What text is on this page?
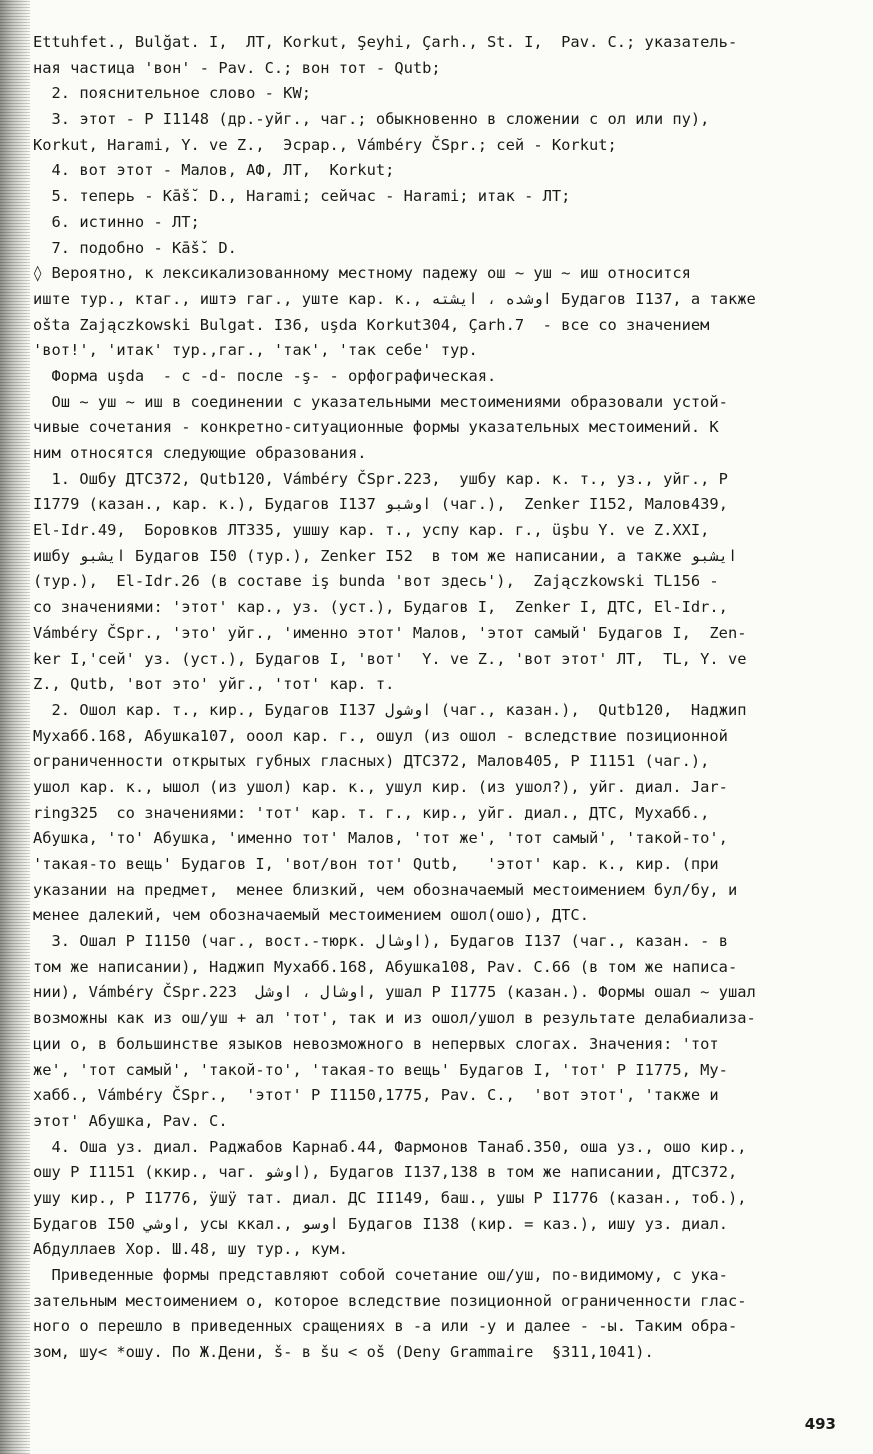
Ettuhfet., Bulğat. I,  ЛТ, Korkut, Şeyhi, Çarh., St. I,  Pav. C.; указатель-
ная частица 'вон' - Pav. C.; вон тот - Qutb;
2. пояснительное слово - KW;
3. этот - Р I1148 (др.-уйг., чаг.; обыкновенно в сложении с ол или пу),
Korkut, Harami, Y. ve Z.,  Эсрар., Vámbéry ČSpr.; сей - Korkut;
4. вот этот - Малов, АФ, ЛТ,  Korkut;
5. теперь - Kāš̆. D., Harami; сейчас - Harami; итак - ЛТ;
6. истинно - ЛТ;
7. подобно - Kāš̆. D.
◊ Вероятно, к лексикализованному местному падежу ош ~ уш ~ иш относится
иште тур., ктаг., иштэ гаг., уште кар. к., اوشده ، ايشته Будагов I137, а также
ošta Zajączkowski Bulgat. I36, uşda Korkut304, Çarh.7  - все со значением
'вот!', 'итак' тур.,гаг., 'так', 'так себе' тур.
Форма uşda  - с -d- после -ş- - орфографическая.
Ош ~ уш ~ иш в соединении с указательными местоимениями образовали устой-
чивые сочетания - конкретно-ситуационные формы указательных местоимений. К
ним относятся следующие образования.
1. Ошбу ДТС372, Qutb120, Vámbéry ČSpr.223,  ушбу кар. к. т., уз., уйг., Р
I1779 (казан., кар. к.), Будагов I137 اوشبو (чаг.),  Zenker I152, Малов439,
El-Idr.49,  Боровков ЛТ335, ушшу кар. т., успу кар. г., üşbu Y. ve Z.XXI,
ишбу ايشبو Будагов I50 (тур.), Zenker I52  в том же написании, а также ايشبو
(тур.),  El-Idr.26 (в составе iş bunda 'вот здесь'),  Zajączkowski TL156 -
со значениями: 'этот' кар., уз. (уст.), Будагов I,  Zenker I, ДТС, El-Idr.,
Vámbéry ČSpr., 'это' уйг., 'именно этот' Малов, 'этот самый' Будагов I,  Zen-
ker I,'сей' уз. (уст.), Будагов I, 'вот'  Y. ve Z., 'вот этот' ЛТ,  TL, Y. ve
Z., Qutb, 'вот это' уйг., 'тот' кар. т.
2. Ошол кар. т., кир., Будагов I137 اوشول (чаг., казан.),  Qutb120,  Наджип
Мухабб.168, Абушка107, ооол кар. г., ошул (из ошол - вследствие позиционной
ограниченности открытых губных гласных) ДТС372, Малов405, Р I1151 (чаг.),
ушол кар. к., ышол (из ушол) кар. к., ушул кир. (из ушол?), уйг. диал. Jar-
ring325  со значениями: 'тот' кар. т. г., кир., уйг. диал., ДТС, Мухабб.,
Абушка, 'то' Абушка, 'именно тот' Малов, 'тот же', 'тот самый', 'такой-то',
'такая-то вещь' Будагов I, 'вот/вон тот' Qutb,   'этот' кар. к., кир. (при
указании на предмет,  менее близкий, чем обозначаемый местоимением бул/бу, и
менее далекий, чем обозначаемый местоимением ошол(ошо), ДТС.
3. Ошал Р I1150 (чаг., вост.-тюрк. اوشال), Будагов I137 (чаг., казан. - в
том же написании), Наджип Мухабб.168, Абушка108, Pav. C.66 (в том же написа-
нии), Vámbéry ČSpr.223  اوشال ، اوشل, ушал Р I1775 (казан.). Формы ошал ~ ушал
возможны как из ош/уш + ал 'тот', так и из ошол/ушол в результате делабиализа-
ции о, в большинстве языков невозможного в непервых слогах. Значения: 'тот
же', 'тот самый', 'такой-то', 'такая-то вещь' Будагов I, 'тот' Р I1775, Му-
хабб., Vámbéry ČSpr.,  'этот' Р I1150,1775, Pav. C.,  'вот этот', 'также и
этот' Абушка, Pav. C.
4. Оша уз. диал. Раджабов Карнаб.44, Фармонов Танаб.350, оша уз., ошо кир.,
ошу Р I1151 (ккир., чаг. اوشو), Будагов I137,138 в том же написании, ДТС372,
ушу кир., Р I1776, ӱшӱ тат. диал. ДС II149, баш., ушы Р I1776 (казан., тоб.),
Будагов I50 اوشي, усы ккал., اوسو Будагов I138 (кир. = каз.), ишу уз. диал.
Абдуллаев Хор. Ш.48, шу тур., кум.
Приведенные формы представляют собой сочетание ош/уш, по-видимому, с ука-
зательным местоимением о, которое вследствие позиционной ограниченности глас-
ного о перешло в приведенных сращениях в -а или -у и далее - -ы. Таким обра-
зом, шу< *ошу. По Ж.Дени, š- в šu < oš (Deny Grammaire  §311,1041).
493
